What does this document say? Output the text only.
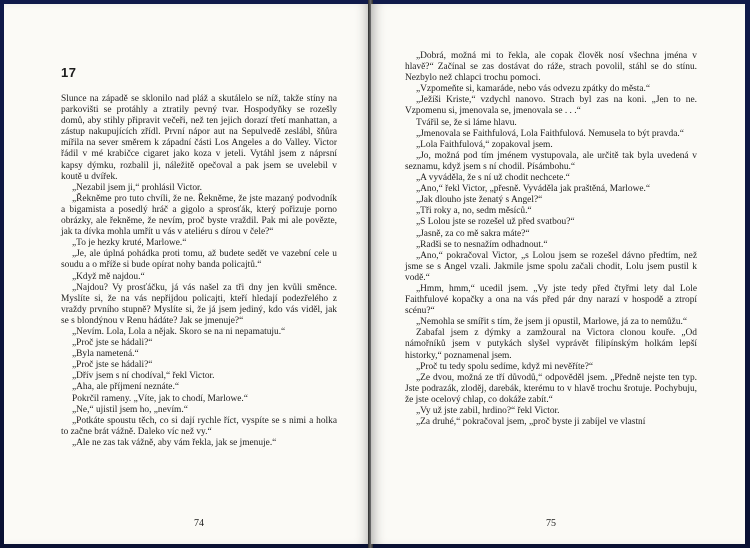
17

Slunce na západě se sklonilo nad pláž a skutálelo se níž, takže stíny na parkovišti se protáhly a ztratily pevný tvar. Hospodyňky se rozešly domů, aby stihly připravit večeři, než ten jejich dorazí třetí manhattan, a zástup nakupujících zřídl. První nápor aut na Sepulvedě zeslábl, šňůra mířila na sever směrem k západní části Los Angeles a do Valley. Victor řádil v mé krabičce cigaret jako koza v jeteli. Vytáhl jsem z náprsní kapsy dýmku, rozbalil ji, náležitě opečoval a pak jsem se uvelebil v koutě u dvířek.

„Nezabil jsem ji,“ prohlásil Victor.

„Řekněme pro tuto chvíli, že ne. Řekněme, že jste mazaný podvodník a bigamista a posedlý hráč a gigolo a sprosťák, který pořizuje porno obrázky, ale řekněme, že nevím, proč byste vraždil. Pak mi ale povězte, jak ta dívka mohla umřít u vás v ateliéru s dírou v čele?“

„To je hezky kruté, Marlowe.“

„Je, ale úplná pohádka proti tomu, až budete sedět ve vazební cele u soudu a o mříže si bude opírat nohy banda policajtů.“

„Když mě najdou.“

„Najdou? Vy prosťáčku, já vás našel za tři dny jen kvůli směnce. Myslíte si, že na vás nepřijdou policajti, kteří hledají podezřelého z vraždy prvního stupně? Myslíte si, že já jsem jediný, kdo vás viděl, jak se s blondýnou v Renu hádáte? Jak se jmenuje?“

„Nevím. Lola, Lola a nějak. Skoro se na ni nepamatuju.“

„Proč jste se hádali?“

„Byla nametená.“

„Proč jste se hádali?“

„Dřív jsem s ní chodíval,“ řekl Victor.

„Aha, ale příjmení neznáte.“

Pokrčil rameny. „Víte, jak to chodí, Marlowe.“

„Ne,“ ujistil jsem ho, „nevím.“

„Potkáte spoustu těch, co si dají rychle říct, vyspíte se s nimi a holka to začne brát vážně. Daleko víc než vy.“

„Ale ne zas tak vážně, aby vám řekla, jak se jmenuje.“

74

„Dobrá, možná mi to řekla, ale copak člověk nosí všechna jména v hlavě?“ Začínal se zas dostávat do ráže, strach povolil, stáhl se do stínu. Nezbylo než chlapci trochu pomoci.

„Vzpomeňte si, kamaráde, nebo vás odvezu zpátky do města.“

„Ježíši Kriste,“ vzdychl nanovo. Strach byl zas na koni. „Jen to ne. Vzpomenu si, jmenovala se, jmenovala se . . .“

Tvářil se, že si láme hlavu.

„Jmenovala se Faithfulová, Lola Faithfulová. Nemusela to být pravda.“

„Lola Faithfulová,“ zopakoval jsem.

„Jo, možná pod tím jménem vystupovala, ale určitě tak byla uvedená v seznamu, když jsem s ní chodil. Písámbohu.“

„A vyváděla, že s ní už chodit nechcete.“

„Ano,“ řekl Victor, „přesně. Vyváděla jak praštěná, Marlowe.“

„Jak dlouho jste ženatý s Angel?“

„Tři roky a, no, sedm měsíců.“

„S Lolou jste se rozešel už před svatbou?“

„Jasně, za co mě sakra máte?“

„Radši se to nesnažím odhadnout.“

„Ano,“ pokračoval Victor, „s Lolou jsem se rozešel dávno předtím, než jsme se s Angel vzali. Jakmile jsme spolu začali chodit, Lolu jsem pustil k vodě.“

„Hmm, hmm,“ ucedil jsem. „Vy jste tedy před čtyřmi lety dal Lole Faithfulové kopačky a ona na vás před pár dny narazí v hospodě a ztropí scénu?“

„Nemohla se smířit s tím, že jsem ji opustil, Marlowe, já za to nemůžu.“

Zabafal jsem z dýmky a zamžoural na Victora clonou kouře. „Od námořníků jsem v putykách slyšel vyprávět filipínským holkám lepší historky,“ poznamenal jsem.

„Proč tu tedy spolu sedíme, když mi nevěříte?“

„Ze dvou, možná ze tří důvodů,“ odpověděl jsem. „Předně nejste ten typ. Jste podrazák, zloděj, darebák, kterému to v hlavě trochu šrotuje. Pochybuju, že jste ocelový chlap, co dokáže zabít.“

„Vy už jste zabil, hrdino?“ řekl Victor.

„Za druhé,“ pokračoval jsem, „proč byste ji zabíjel ve vlastní

75
